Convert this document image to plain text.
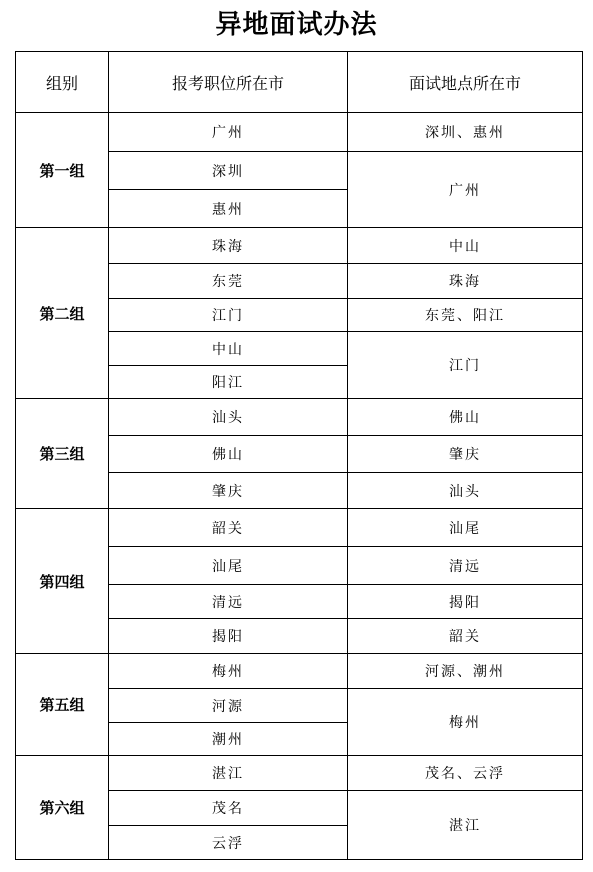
异地面试办法
组别	报考职位所在市	面试地点所在市
第一组	广州	深圳、惠州
	深圳	广州
	惠州	
第二组	珠海	中山
	东莞	珠海
	江门	东莞、阳江
	中山	江门
	阳江	
第三组	汕头	佛山
	佛山	肇庆
	肇庆	汕头
第四组	韶关	汕尾
	汕尾	清远
	清远	揭阳
	揭阳	韶关
第五组	梅州	河源、潮州
	河源	梅州
	潮州	
第六组	湛江	茂名、云浮
	茂名	湛江
	云浮	
